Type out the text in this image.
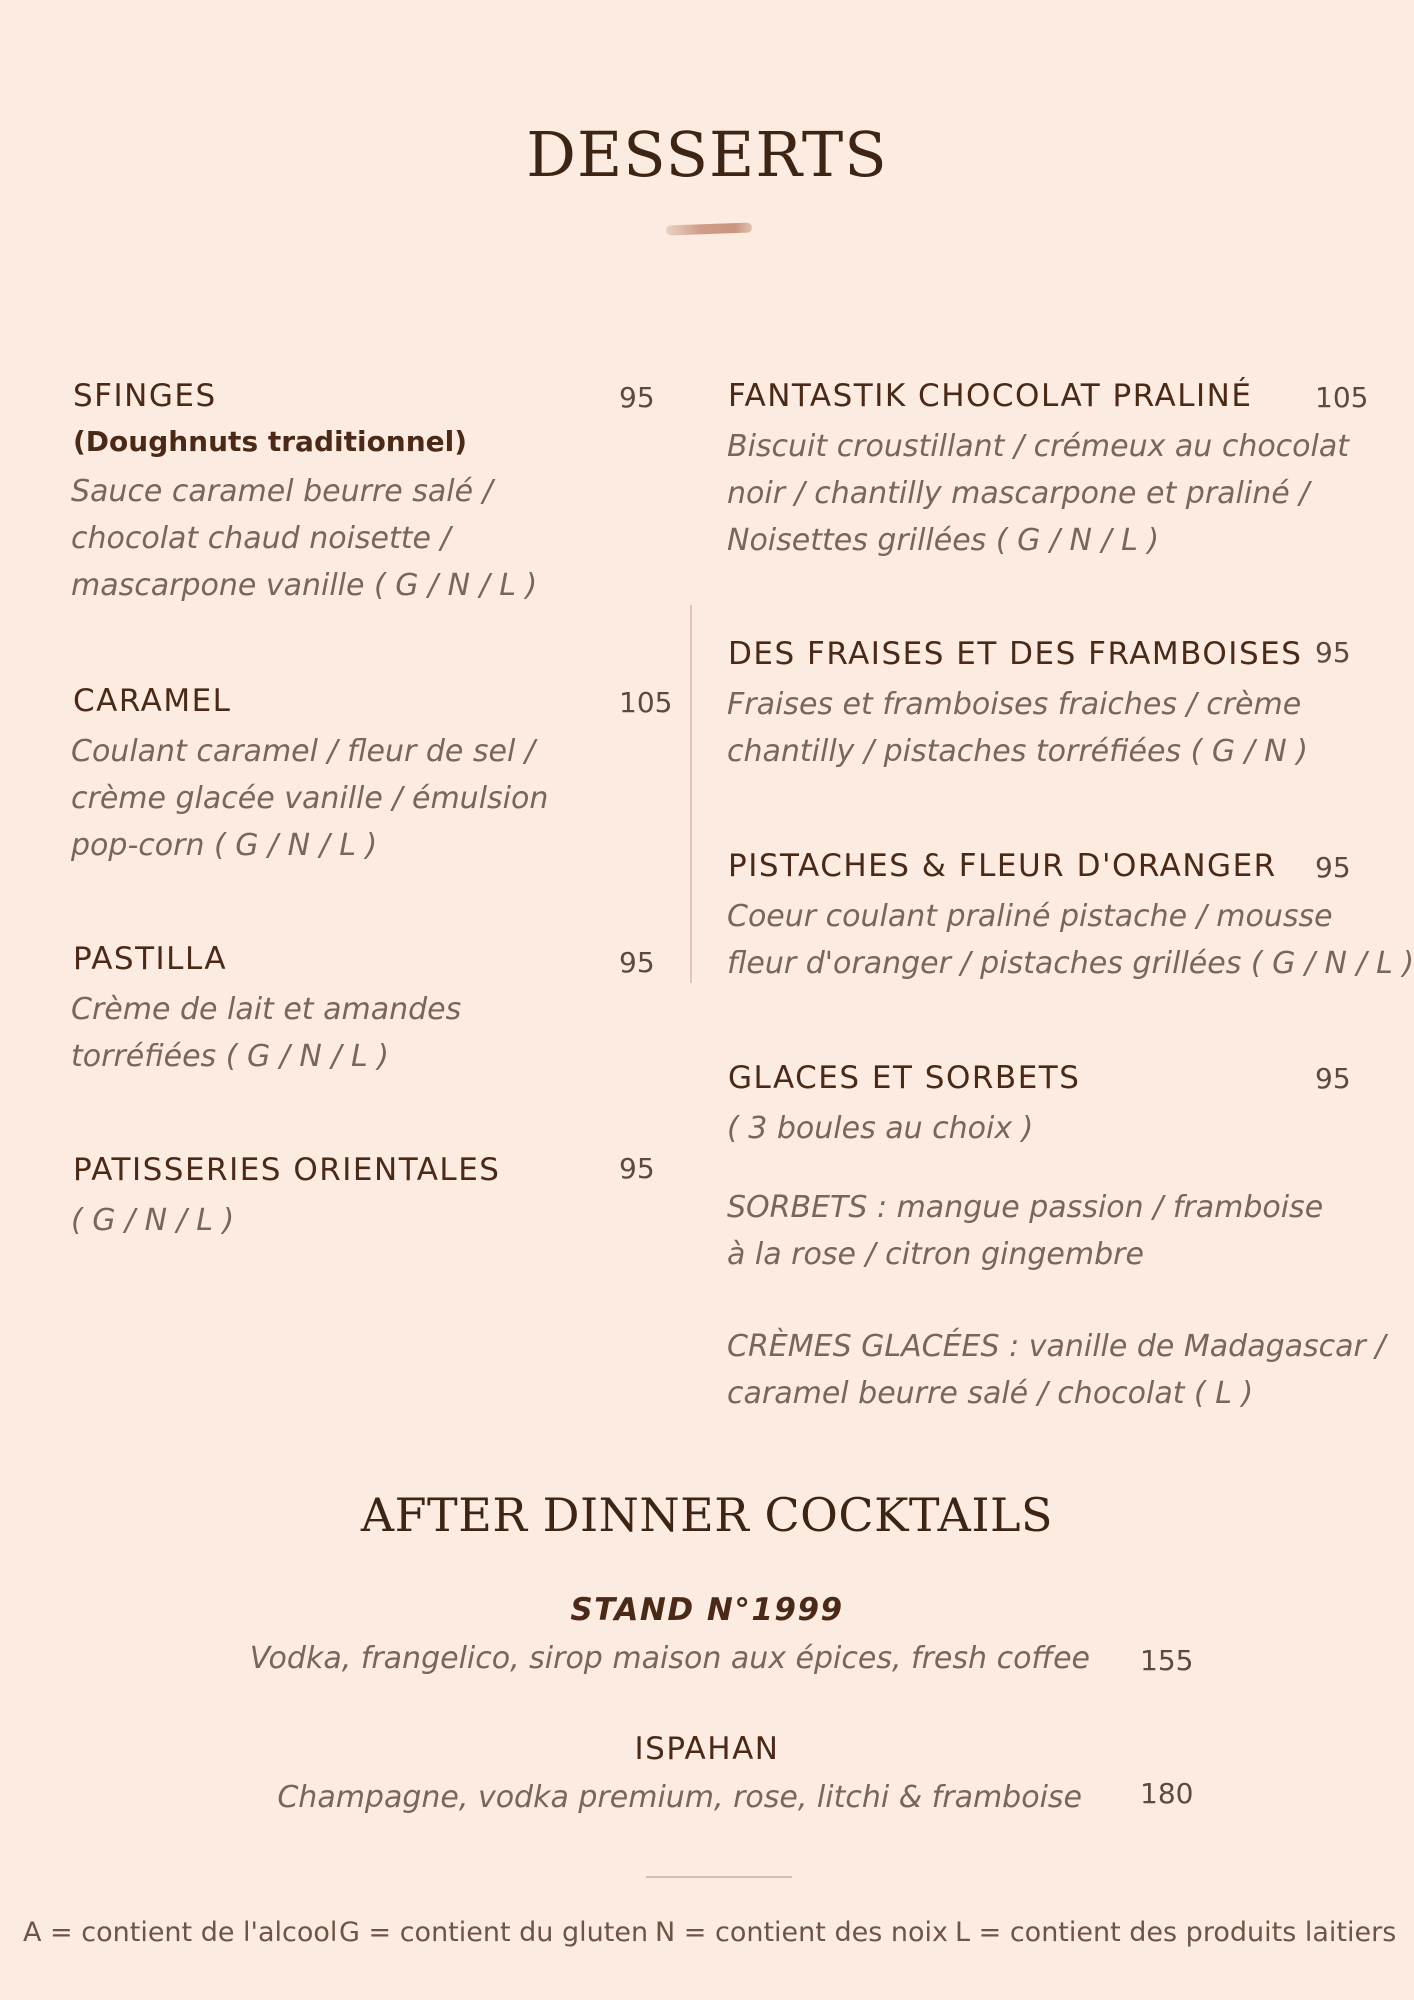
DESSERTS
SFINGES	95
(Doughnuts traditionnel)
Sauce caramel beurre salé /
chocolat chaud noisette /
mascarpone vanille ( G / N / L )
CARAMEL	105
Coulant caramel / fleur de sel /
crème glacée vanille / émulsion
pop-corn ( G / N / L )
PASTILLA	95
Crème de lait et amandes
torréfiées ( G / N / L )
PATISSERIES ORIENTALES	95
( G / N / L )
FANTASTIK CHOCOLAT PRALINÉ 105
Biscuit croustillant / crémeux au chocolat
noir / chantilly mascarpone et praliné /
Noisettes grillées ( G / N / L )
DES FRAISES ET DES FRAMBOISES 95
Fraises et framboises fraiches / crème
chantilly / pistaches torréfiées ( G / N )
PISTACHES & FLEUR D'ORANGER 95
Coeur coulant praliné pistache / mousse
fleur d'oranger / pistaches grillées ( G / N / L )
GLACES ET SORBETS	95
( 3 boules au choix )
SORBETS : mangue passion / framboise
à la rose / citron gingembre
CRÈMES GLACÉES : vanille de Madagascar /
caramel beurre salé / chocolat ( L )
AFTER DINNER COCKTAILS
STAND N°1999
Vodka, frangelico, sirop maison aux épices, fresh coffee 155
ISPAHAN
Champagne, vodka premium, rose, litchi & framboise 180
A = contient de l'alcool G = contient du gluten N = contient des noix L = contient des produits laitiers
